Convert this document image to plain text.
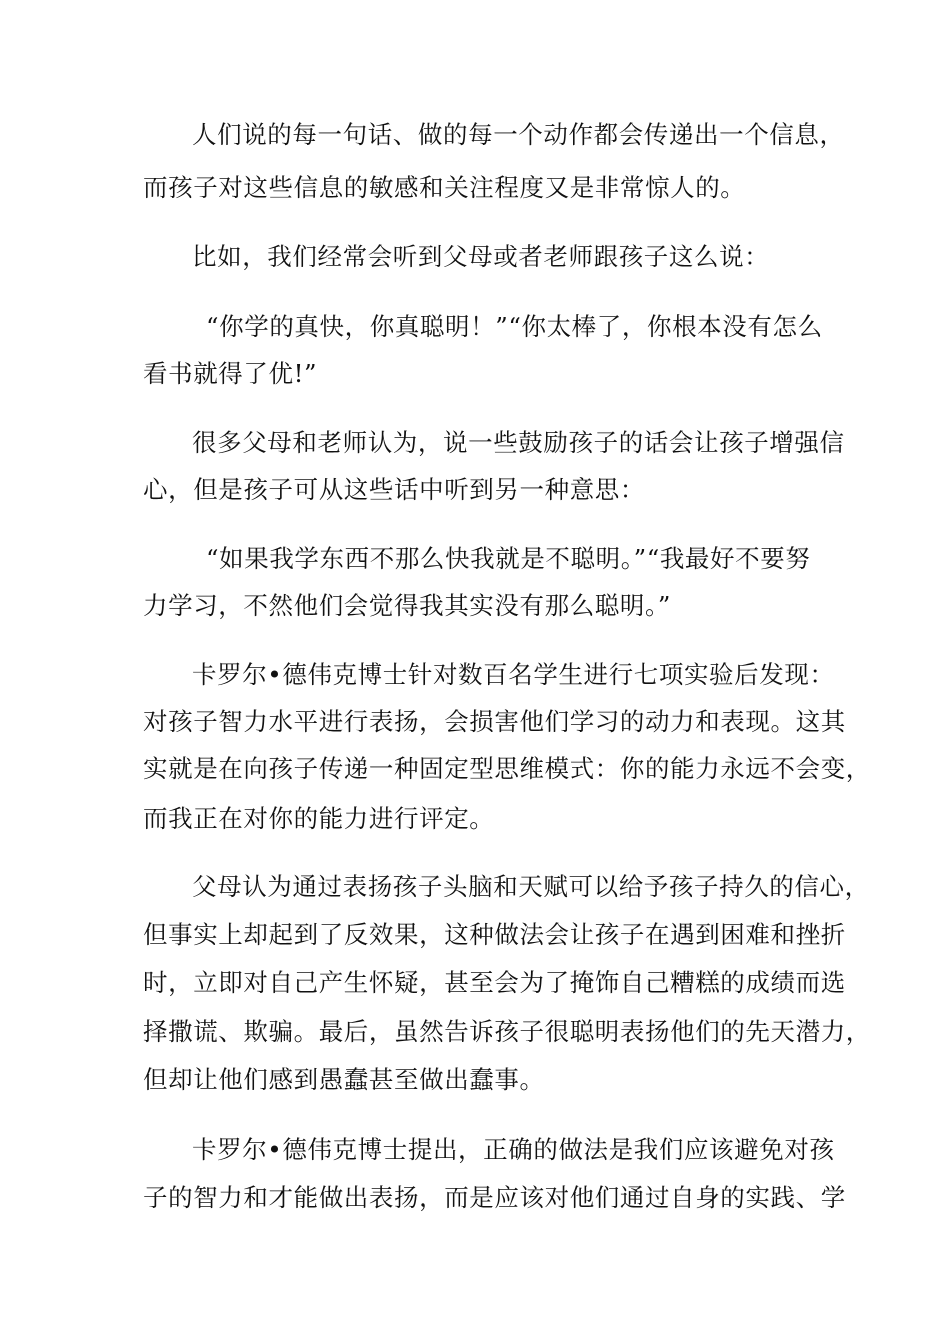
人们说的每一句话、做的每一个动作都会传递出一个信息，
而孩子对这些信息的敏感和关注程度又是非常惊人的。
比如，我们经常会听到父母或者老师跟孩子这么说：
“你学的真快，你真聪明！”“你太棒了，你根本没有怎么
看书就得了优!”
很多父母和老师认为，说一些鼓励孩子的话会让孩子增强信
心，但是孩子可从这些话中听到另一种意思：
“如果我学东西不那么快我就是不聪明。”“我最好不要努
力学习，不然他们会觉得我其实没有那么聪明。”
卡罗尔•德伟克博士针对数百名学生进行七项实验后发现：
对孩子智力水平进行表扬，会损害他们学习的动力和表现。这其
实就是在向孩子传递一种固定型思维模式：你的能力永远不会变，
而我正在对你的能力进行评定。
父母认为通过表扬孩子头脑和天赋可以给予孩子持久的信心，
但事实上却起到了反效果，这种做法会让孩子在遇到困难和挫折
时，立即对自己产生怀疑，甚至会为了掩饰自己糟糕的成绩而选
择撒谎、欺骗。最后，虽然告诉孩子很聪明表扬他们的先天潜力，
但却让他们感到愚蠢甚至做出蠢事。
卡罗尔•德伟克博士提出，正确的做法是我们应该避免对孩
子的智力和才能做出表扬，而是应该对他们通过自身的实践、学
